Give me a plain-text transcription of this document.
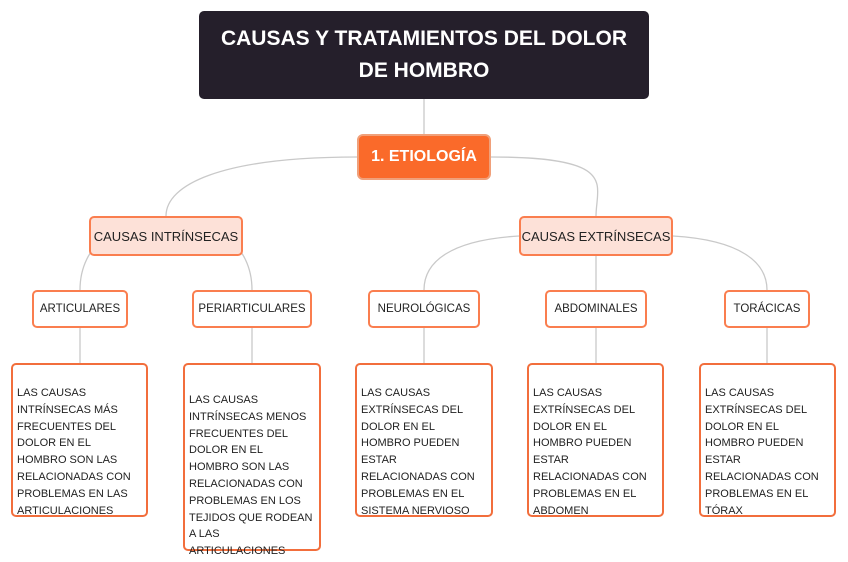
CAUSAS Y TRATAMIENTOS DEL DOLOR DE HOMBRO
1. ETIOLOGÍA
CAUSAS INTRÍNSECAS	CAUSAS EXTRÍNSECAS
ARTICULARES	PERIARTICULARES	NEUROLÓGICAS	ABDOMINALES	TORÁCICAS
LAS CAUSAS INTRÍNSECAS MÁS FRECUENTES DEL DOLOR EN EL HOMBRO SON LAS RELACIONADAS CON PROBLEMAS EN LAS ARTICULACIONES
LAS CAUSAS INTRÍNSECAS MENOS FRECUENTES DEL DOLOR EN EL HOMBRO SON LAS RELACIONADAS CON PROBLEMAS EN LOS TEJIDOS QUE RODEAN A LAS ARTICULACIONES
LAS CAUSAS EXTRÍNSECAS DEL DOLOR EN EL HOMBRO PUEDEN ESTAR RELACIONADAS CON PROBLEMAS EN EL SISTEMA NERVIOSO
LAS CAUSAS EXTRÍNSECAS DEL DOLOR EN EL HOMBRO PUEDEN ESTAR RELACIONADAS CON PROBLEMAS EN EL ABDOMEN
LAS CAUSAS EXTRÍNSECAS DEL DOLOR EN EL HOMBRO PUEDEN ESTAR RELACIONADAS CON PROBLEMAS EN EL TÓRAX
